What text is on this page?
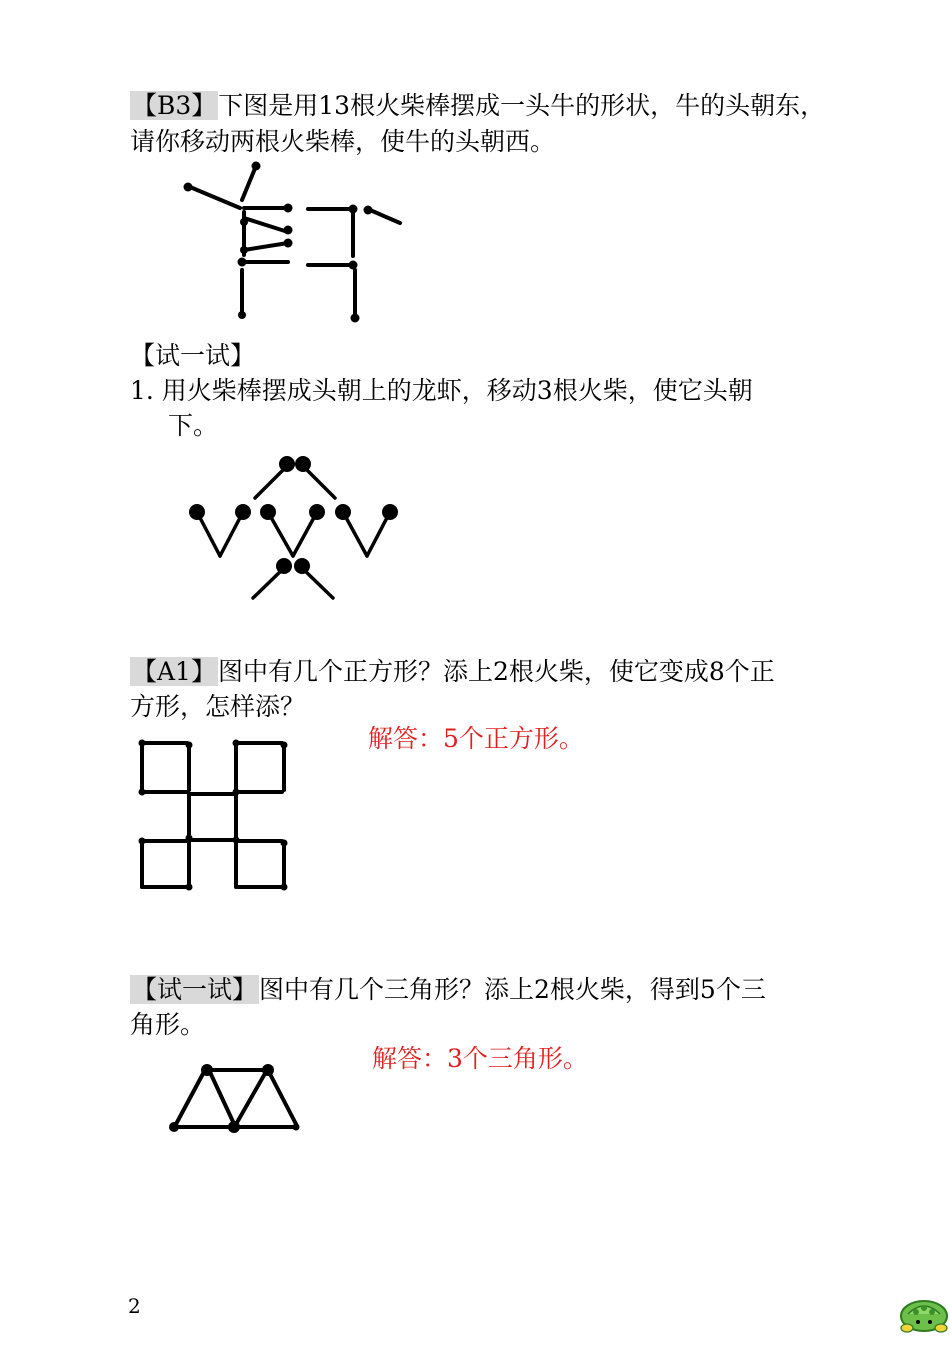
【B3】下图是用13根火柴棒摆成一头牛的形状，牛的头朝东，

请你移动两根火柴棒，使牛的头朝西。

【试一试】

1. 用火柴棒摆成头朝上的龙虾，移动3根火柴，使它头朝

下。

【A1】图中有几个正方形？添上2根火柴，使它变成8个正

方形，怎样添？

解答：5个正方形。

【试一试】图中有几个三角形？添上2根火柴，得到5个三

角形。

解答：3个三角形。
2
